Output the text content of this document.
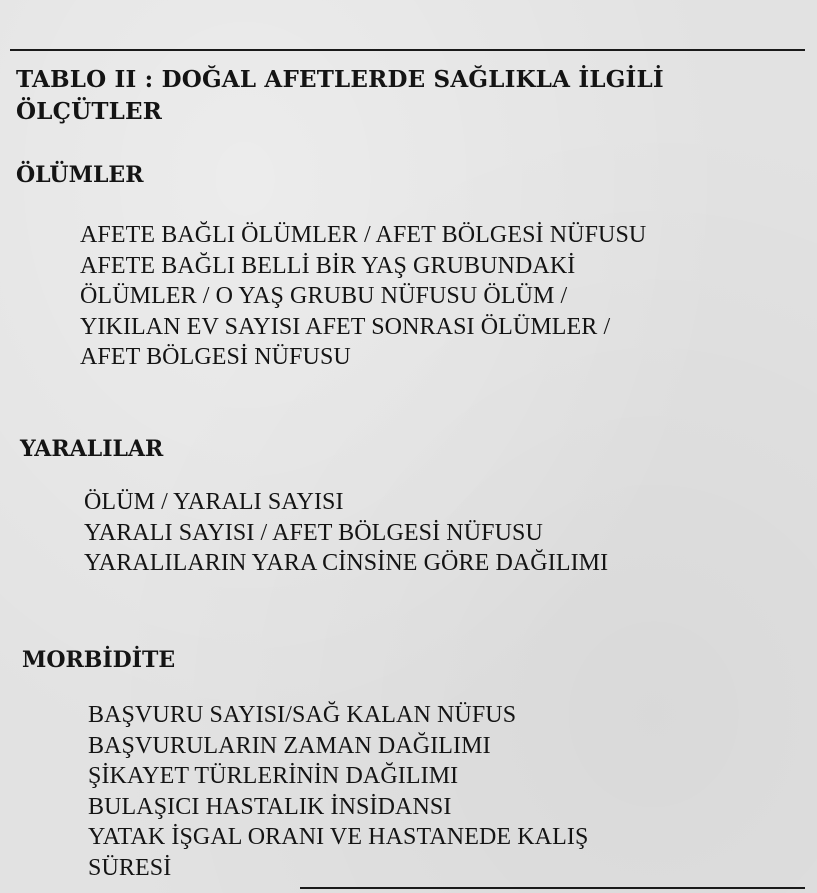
TABLO II : DOĞAL AFETLERDE SAĞLIKLA İLGİLİ ÖLÇÜTLER
ÖLÜMLER
AFETE BAĞLI ÖLÜMLER / AFET BÖLGESİ NÜFUSU
AFETE BAĞLI BELLİ BİR YAŞ GRUBUNDAKİ
ÖLÜMLER / O YAŞ GRUBU NÜFUSU ÖLÜM /
YIKILAN EV SAYISI AFET SONRASI ÖLÜMLER /
AFET BÖLGESİ NÜFUSU
YARALILAR
ÖLÜM / YARALI SAYISI
YARALI SAYISI / AFET BÖLGESİ NÜFUSU
YARALILARIN YARA CİNSİNE GÖRE DAĞILIMI
MORBİDİTE
BAŞVURU SAYISI/SAĞ KALAN NÜFUS
BAŞVURULARIN ZAMAN DAĞILIMI
ŞİKAYET TÜRLERİNİN DAĞILIMI
BULAŞICI HASTALIK İNSİDANSI
YATAK İŞGAL ORANI VE HASTANEDE KALIŞ
SÜRESİ
